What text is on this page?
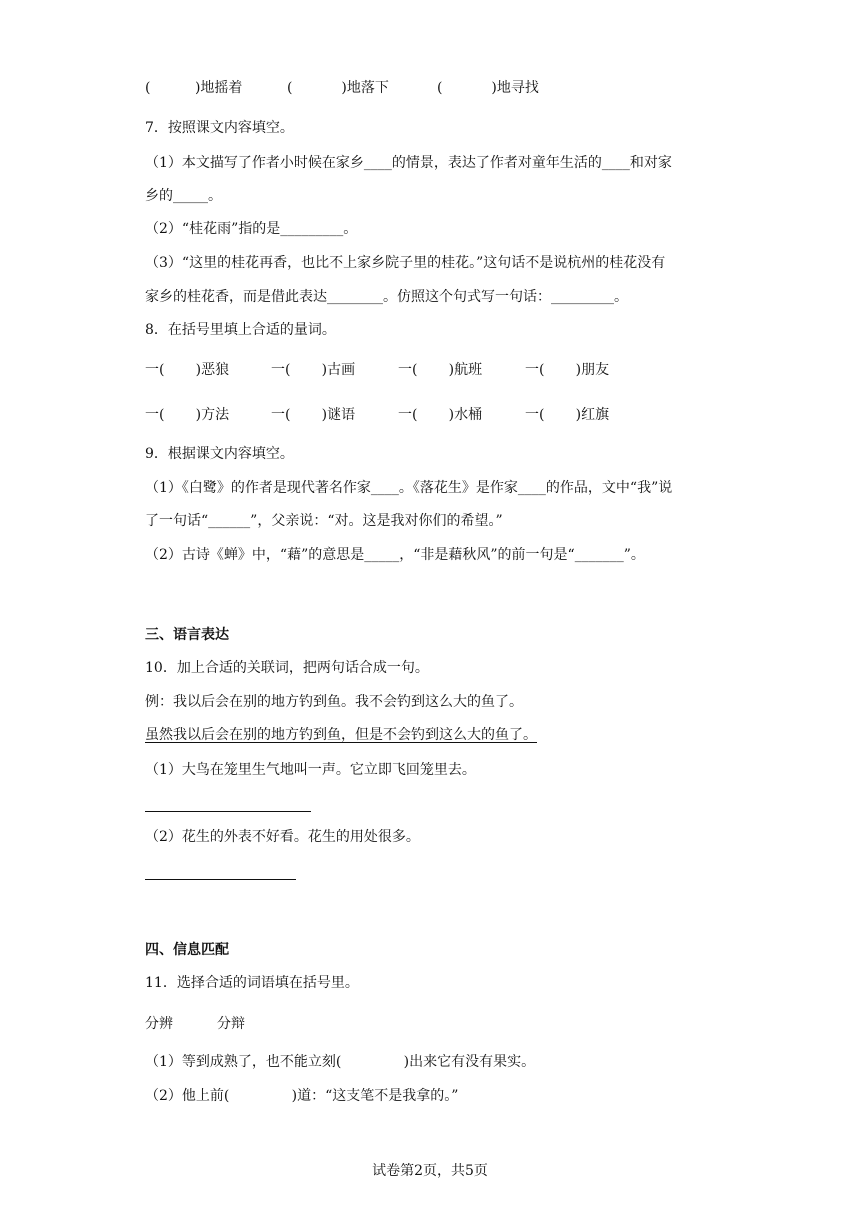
(          )地摇着	(           )地落下	(           )地寻找
7．按照课文内容填空。
（1）本文描写了作者小时候在家乡____的情景，表达了作者对童年生活的____和对家
乡的_____。
（2）“桂花雨”指的是_________。
（3）“这里的桂花再香，也比不上家乡院子里的桂花。”这句话不是说杭州的桂花没有
家乡的桂花香，而是借此表达________。仿照这个句式写一句话：_________。
8．在括号里填上合适的量词。
一(       )恶狼	一(       )古画	一(       )航班	一(       )朋友
一(       )方法	一(       )谜语	一(       )水桶	一(       )红旗
9．根据课文内容填空。
（1）《白鹭》的作者是现代著名作家____。《落花生》是作家____的作品，文中“我”说
了一句话“______”，父亲说：“对。这是我对你们的希望。”
（2）古诗《蝉》中，“藉”的意思是_____，“非是藉秋风”的前一句是“_______”。
三、语言表达
10．加上合适的关联词，把两句话合成一句。
例：我以后会在别的地方钓到鱼。我不会钓到这么大的鱼了。
虽然我以后会在别的地方钓到鱼，但是不会钓到这么大的鱼了。
（1）大鸟在笼里生气地叫一声。它立即飞回笼里去。
（2）花生的外表不好看。花生的用处很多。
四、信息匹配
11．选择合适的词语填在括号里。
分辨	分辩
（1）等到成熟了，也不能立刻(              )出来它有没有果实。
（2）他上前(              )道：“这支笔不是我拿的。”
试卷第2页，共5页
